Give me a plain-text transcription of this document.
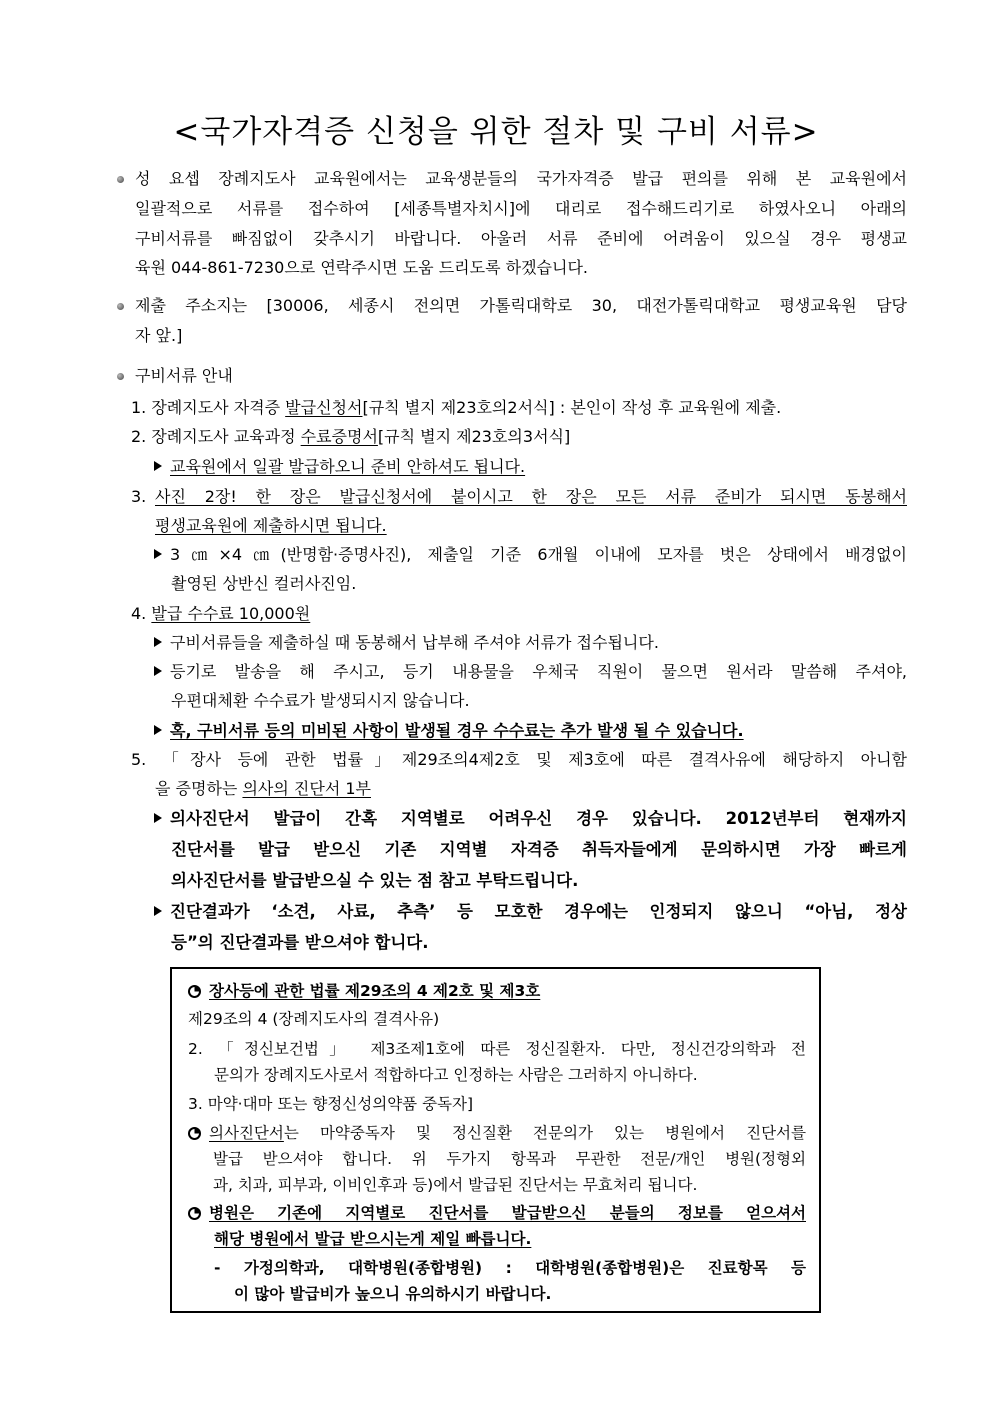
<국가자격증 신청을 위한 절차 및 구비 서류>
성 요셉 장례지도사 교육원에서는 교육생분들의 국가자격증 발급 편의를 위해 본 교육원에서
일괄적으로 서류를 접수하여 [세종특별자치시]에 대리로 접수해드리기로 하였사오니 아래의
구비서류를 빠짐없이 갖추시기 바랍니다. 아울러 서류 준비에 어려움이 있으실 경우 평생교
육원 044-861-7230으로 연락주시면 도움 드리도록 하겠습니다.
제출 주소지는 [30006, 세종시 전의면 가톨릭대학로 30, 대전가톨릭대학교 평생교육원 담당
자 앞.]
구비서류 안내
1. 장례지도사 자격증 발급신청서[규칙 별지 제23호의2서식] : 본인이 작성 후 교육원에 제출.
2. 장례지도사 교육과정 수료증명서[규칙 별지 제23호의3서식]
교육원에서 일괄 발급하오니 준비 안하셔도 됩니다.
3. 사진 2장! 한 장은 발급신청서에 붙이시고 한 장은 모든 서류 준비가 되시면 동봉해서
평생교육원에 제출하시면 됩니다.
3㎝×4㎝(반명함·증명사진), 제출일 기준 6개월 이내에 모자를 벗은 상태에서 배경없이
촬영된 상반신 컬러사진임.
4. 발급 수수료 10,000원
구비서류들을 제출하실 때 동봉해서 납부해 주셔야 서류가 접수됩니다.
등기로 발송을 해 주시고, 등기 내용물을 우체국 직원이 물으면 원서라 말씀해 주셔야,
우편대체환 수수료가 발생되시지 않습니다.
혹, 구비서류 등의 미비된 사항이 발생될 경우 수수료는 추가 발생 될 수 있습니다.
5. 「장사 등에 관한 법률」제29조의4제2호 및 제3호에 따른 결격사유에 해당하지 아니함
을 증명하는 의사의 진단서 1부
의사진단서 발급이 간혹 지역별로 어려우신 경우 있습니다. 2012년부터 현재까지
진단서를 발급 받으신 기존 지역별 자격증 취득자들에게 문의하시면 가장 빠르게
의사진단서를 발급받으실 수 있는 점 참고 부탁드립니다.
진단결과가 ‘소견, 사료, 추측’ 등 모호한 경우에는 인정되지 않으니 “아님, 정상
등”의 진단결과를 받으셔야 합니다.
장사등에 관한 법률 제29조의 4 제2호 및 제3호
제29조의 4 (장례지도사의 결격사유)
2. 「정신보건법」 제3조제1호에 따른 정신질환자. 다만, 정신건강의학과 전
문의가 장례지도사로서 적합하다고 인정하는 사람은 그러하지 아니하다.
3. 마약·대마 또는 향정신성의약품 중독자]
의사진단서는 마약중독자 및 정신질환 전문의가 있는 병원에서 진단서를
발급 받으셔야 합니다. 위 두가지 항목과 무관한 전문/개인 병원(정형외
과, 치과, 피부과, 이비인후과 등)에서 발급된 진단서는 무효처리 됩니다.
병원은 기존에 지역별로 진단서를 발급받으신 분들의 정보를 얻으셔서
해당 병원에서 발급 받으시는게 제일 빠릅니다.
- 가정의학과, 대학병원(종합병원) : 대학병원(종합병원)은 진료항목 등
이 많아 발급비가 높으니 유의하시기 바랍니다.
